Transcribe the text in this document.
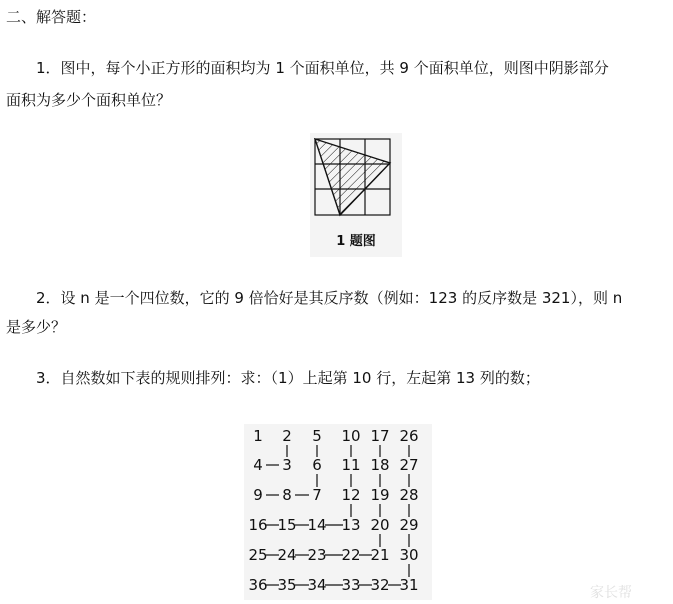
二、解答题：
1．图中，每个小正方形的面积均为 1 个面积单位，共 9 个面积单位，则图中阴影部分
面积为多少个面积单位？
1 题图
2．设 n 是一个四位数，它的 9 倍恰好是其反序数（例如：123 的反序数是 321），则 n
是多少？
3．自然数如下表的规则排列：求：（1）上起第 10 行，左起第 13 列的数；
1 2 5 10 17 26
4 3 6 11 18 27
9 8 7 12 19 28
16 15 14 13 20 29
25 24 23 22 21 30
36 35 34 33 32 31	家长帮
